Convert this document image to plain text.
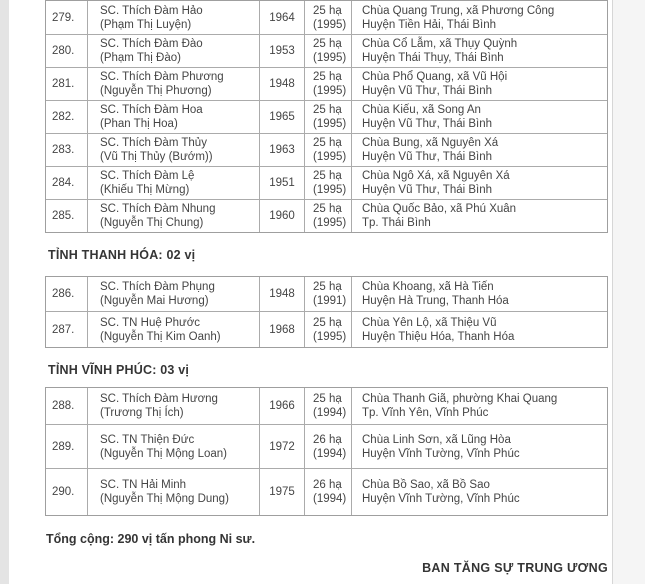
279.
SC. Thích Đàm Hảo
(Phạm Thị Luyện)
1964
25 hạ
(1995)
Chùa Quang Trung, xã Phương Công
Huyện Tiền Hải, Thái Bình
280.
SC. Thích Đàm Đào
(Phạm Thị Đào)
1953
25 hạ
(1995)
Chùa Cổ Lẫm, xã Thụy Quỳnh
Huyện Thái Thụy, Thái Bình
281.
SC. Thích Đàm Phương
(Nguyễn Thị Phương)
1948
25 hạ
(1995)
Chùa Phổ Quang, xã Vũ Hội
Huyện Vũ Thư, Thái Bình
282.
SC. Thích Đàm Hoa
(Phan Thị Hoa)
1965
25 hạ
(1995)
Chùa Kiếu, xã Song An
Huyện Vũ Thư, Thái Bình
283.
SC. Thích Đàm Thủy
(Vũ Thị Thủy (Bướm))
1963
25 hạ
(1995)
Chùa Bung, xã Nguyên Xá
Huyện Vũ Thư, Thái Bình
284.
SC. Thích Đàm Lệ
(Khiếu Thị Mừng)
1951
25 hạ
(1995)
Chùa Ngô Xá, xã Nguyên Xá
Huyện Vũ Thư, Thái Bình
285.
SC. Thích Đàm Nhung
(Nguyễn Thị Chung)
1960
25 hạ
(1995)
Chùa Quốc Bảo, xã Phú Xuân
Tp. Thái Bình
TỈNH THANH HÓA: 02 vị
286.
SC. Thích Đàm Phụng
(Nguyễn Mai Hương)
1948
25 hạ
(1991)
Chùa Khoang, xã Hà Tiến
Huyện Hà Trung, Thanh Hóa
287.
SC. TN Huệ Phước
(Nguyễn Thị Kim Oanh)
1968
25 hạ
(1995)
Chùa Yên Lộ, xã Thiệu Vũ
Huyện Thiệu Hóa, Thanh Hóa
TỈNH VĨNH PHÚC: 03 vị
288.
SC. Thích Đàm Hương
(Trương Thị Ích)
1966
25 hạ
(1994)
Chùa Thanh Giã, phường Khai Quang
Tp. Vĩnh Yên, Vĩnh Phúc
289.
SC. TN Thiện Đức
(Nguyễn Thị Mộng Loan)
1972
26 hạ
(1994)
Chùa Linh Sơn, xã Lũng Hòa
Huyện Vĩnh Tường, Vĩnh Phúc
290.
SC. TN Hải Minh
(Nguyễn Thị Mộng Dung)
1975
26 hạ
(1994)
Chùa Bồ Sao, xã Bồ Sao
Huyện Vĩnh Tường, Vĩnh Phúc
Tổng cộng: 290 vị tấn phong Ni sư.
BAN TĂNG SỰ TRUNG ƯƠNG
